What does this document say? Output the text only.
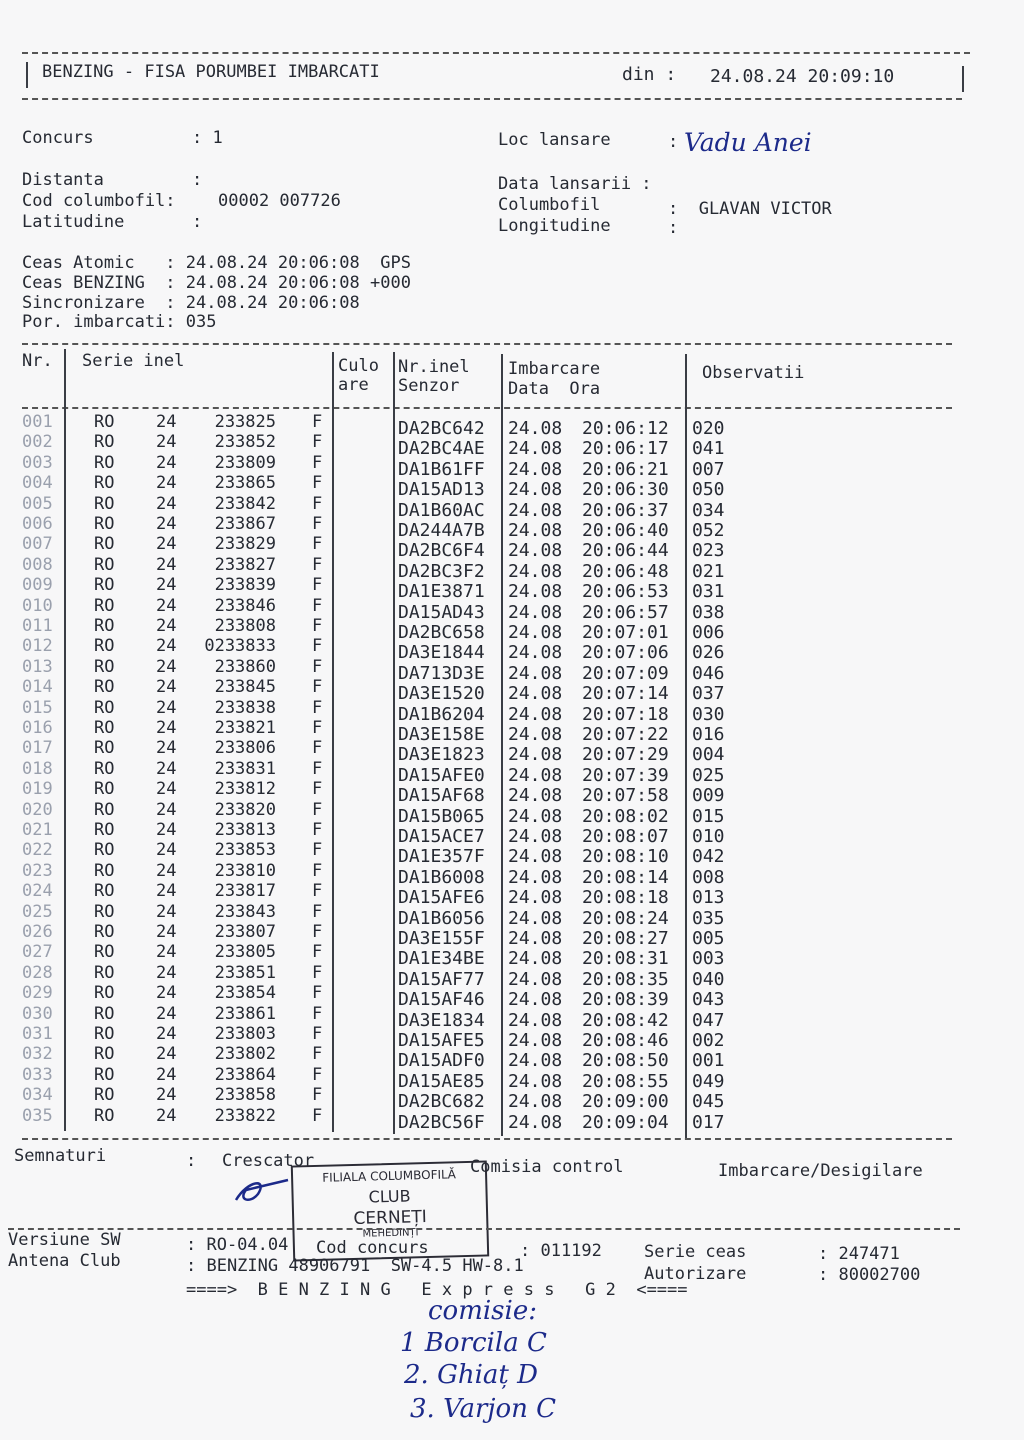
BENZING - FISA PORUMBEI IMBARCATI	din : 24.08.24 20:09:10
Concurs	: 1
Distanta	:
Cod columbofil: 00002 007726
Latitudine	:
Loc lansare	: Vadu Anei
Data lansarii :
Columbofil	:  GLAVAN VICTOR
Longitudine	:
Ceas Atomic   : 24.08.24 20:06:08  GPS
Ceas BENZING  : 24.08.24 20:06:08 +000
Sincronizare  : 24.08.24 20:06:08
Por. imbarcati: 035
Nr. Serie inel	Culo
are
Nr.inel
Senzor
Imbarcare
Data  Ora
Observatii
001 RO 24	233825 F	DA2BC642 24.08 20:06:12 020
002 RO 24	233852 F	DA2BC4AE 24.08 20:06:17 041
003 RO 24	233809 F	DA1B61FF 24.08 20:06:21 007
004 RO 24	233865 F	DA15AD13 24.08 20:06:30 050
005 RO 24	233842 F	DA1B60AC 24.08 20:06:37 034
006 RO 24	233867 F	DA244A7B 24.08 20:06:40 052
007 RO 24	233829 F	DA2BC6F4 24.08 20:06:44 023
008 RO 24	233827 F	DA2BC3F2 24.08 20:06:48 021
009 RO 24	233839 F	DA1E3871 24.08 20:06:53 031
010 RO 24	233846 F	DA15AD43 24.08 20:06:57 038
011 RO 24	233808 F	DA2BC658 24.08 20:07:01 006
012 RO 24	0233833 F	DA3E1844 24.08 20:07:06 026
013 RO 24	233860 F	DA713D3E 24.08 20:07:09 046
014 RO 24	233845 F	DA3E1520 24.08 20:07:14 037
015 RO 24	233838 F	DA1B6204 24.08 20:07:18 030
016 RO 24	233821 F	DA3E158E 24.08 20:07:22 016
017 RO 24	233806 F	DA3E1823 24.08 20:07:29 004
018 RO 24	233831 F	DA15AFE0 24.08 20:07:39 025
019 RO 24	233812 F	DA15AF68 24.08 20:07:58 009
020 RO 24	233820 F	DA15B065 24.08 20:08:02 015
021 RO 24	233813 F	DA15ACE7 24.08 20:08:07 010
022 RO 24	233853 F	DA1E357F 24.08 20:08:10 042
023 RO 24	233810 F	DA1B6008 24.08 20:08:14 008
024 RO 24	233817 F	DA15AFE6 24.08 20:08:18 013
025 RO 24	233843 F	DA1B6056 24.08 20:08:24 035
026 RO 24	233807 F	DA3E155F 24.08 20:08:27 005
027 RO 24	233805 F	DA1E34BE 24.08 20:08:31 003
028 RO 24	233851 F	DA15AF77 24.08 20:08:35 040
029 RO 24	233854 F	DA15AF46 24.08 20:08:39 043
030 RO 24	233861 F	DA3E1834 24.08 20:08:42 047
031 RO 24	233803 F	DA15AFE5 24.08 20:08:46 002
032 RO 24	233802 F	DA15ADF0 24.08 20:08:50 001
033 RO 24	233864 F	DA15AE85 24.08 20:08:55 049
034 RO 24	233858 F	DA2BC682 24.08 20:09:00 045
035 RO 24	233822 F	DA2BC56F 24.08 20:09:04 017
Semnaturi	: Crescator	Comisia control	Imbarcare/Desigilare
FILIALA COLUMBOFILĂ
CLUB
CERNEȚI
MEHEDINȚI
Versiune SW	: RO-04.04 Cod concurs	: 011192 Serie ceas	: 247471
Antena Club	: BENZING 48906791  SW-4.5 HW-8.1	Autorizare	: 80002700
====>  B E N Z I N G   E x p r e s s   G 2  <====
comisie:
1 Borcila C
2. Ghiaț D
3. Varjon C
